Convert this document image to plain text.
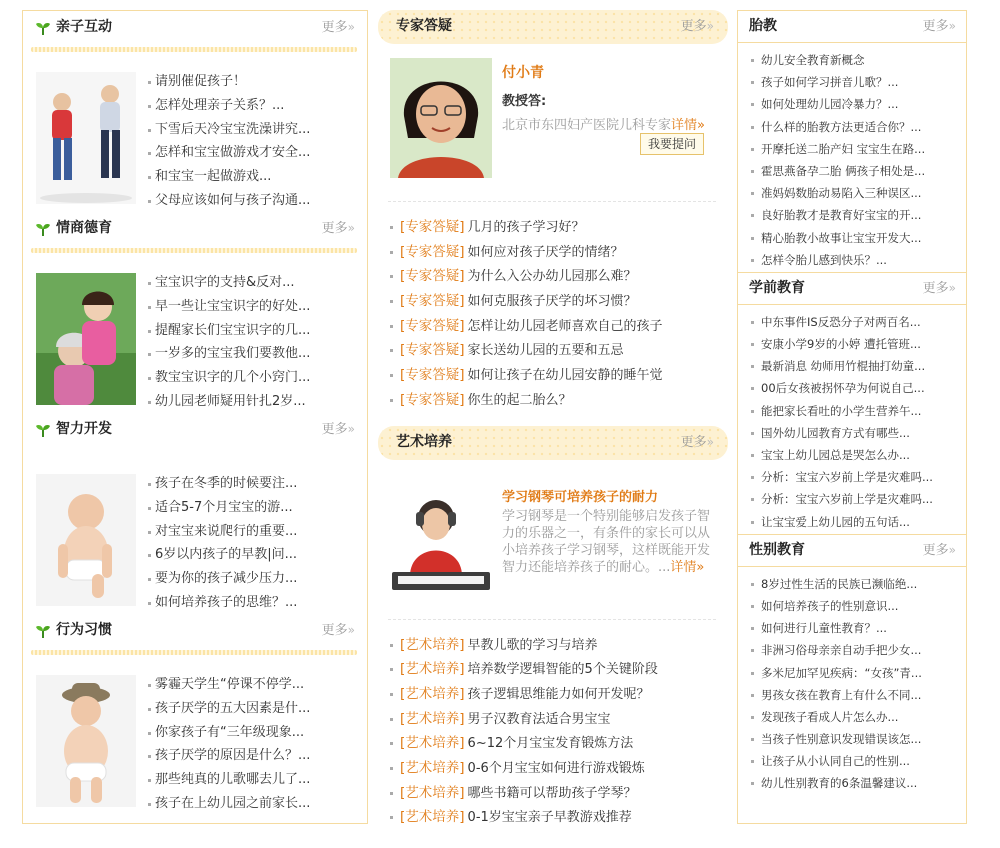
亲子互动	更多»
请别催促孩子！
怎样处理亲子关系？...
下雪后天冷宝宝洗澡讲究...
怎样和宝宝做游戏才安全...
和宝宝一起做游戏...
父母应该如何与孩子沟通...
情商德育	更多»
宝宝识字的支持&反对...
早一些让宝宝识字的好处...
提醒家长们宝宝识字的几...
一岁多的宝宝我们要教他...
教宝宝识字的几个小窍门...
幼儿园老师疑用针扎2岁...
智力开发	更多»
孩子在冬季的时候要注...
适合5-7个月宝宝的游...
对宝宝来说爬行的重要...
6岁以内孩子的早教|问...
要为你的孩子减少压力...
如何培养孩子的思维？...
行为习惯	更多»
雾霾天学生“停课不停学...
孩子厌学的五大因素是什...
你家孩子有“三年级现象...
孩子厌学的原因是什么？...
那些纯真的儿歌哪去儿了...
孩子在上幼儿园之前家长...
专家答疑	更多»
付小青
教授答:
北京市东四妇产医院儿科专家详情»
我要提问
[专家答疑] 几月的孩子学习好？
[专家答疑] 如何应对孩子厌学的情绪？
[专家答疑] 为什么入公办幼儿园那么难？
[专家答疑] 如何克服孩子厌学的坏习惯？
[专家答疑] 怎样让幼儿园老师喜欢自己的孩子
[专家答疑] 家长送幼儿园的五要和五忌
[专家答疑] 如何让孩子在幼儿园安静的睡午觉
[专家答疑] 你生的起二胎么？
艺术培养	更多»
学习钢琴可培养孩子的耐力
学习钢琴是一个特别能够启发孩子智力的乐器之一，有条件的家长可以从小培养孩子学习钢琴，这样既能开发智力还能培养孩子的耐心。...详情»
[艺术培养] 早教儿歌的学习与培养
[艺术培养] 培养数学逻辑智能的5个关键阶段
[艺术培养] 孩子逻辑思维能力如何开发呢？
[艺术培养] 男子汉教育法适合男宝宝
[艺术培养] 6~12个月宝宝发育锻炼方法
[艺术培养] 0-6个月宝宝如何进行游戏锻炼
[艺术培养] 哪些书籍可以帮助孩子学琴？
[艺术培养] 0-1岁宝宝亲子早教游戏推荐
胎教	更多»
幼儿安全教育新概念
孩子如何学习拼音儿歌？...
如何处理幼儿园冷暴力？...
什么样的胎教方法更适合你？...
开摩托送二胎产妇 宝宝生在路...
霍思燕备孕二胎 俩孩子相处是...
准妈妈数胎动易陷入三种误区...
良好胎教才是教育好宝宝的开...
精心胎教小故事让宝宝开发大...
怎样令胎儿感到快乐？...
学前教育	更多»
中东事件IS反恐分子对两百名...
安康小学9岁的小婷 遭托管班...
最新消息 幼师用竹棍抽打幼童...
00后女孩被拐怀孕为何说自己...
能把家长看吐的小学生营养午...
国外幼儿园教育方式有哪些...
宝宝上幼儿园总是哭怎么办...
分析：宝宝六岁前上学是灾难吗...
分析：宝宝六岁前上学是灾难吗...
让宝宝爱上幼儿园的五句话...
性别教育	更多»
8岁过性生活的民族已濒临绝...
如何培养孩子的性别意识...
如何进行儿童性教育？...
非洲习俗母亲亲自动手把少女...
多米尼加罕见疾病：“女孩”青...
男孩女孩在教育上有什么不同...
发现孩子看成人片怎么办...
当孩子性别意识发现错误该怎...
让孩子从小认同自己的性别...
幼儿性别教育的6条温馨建议...
